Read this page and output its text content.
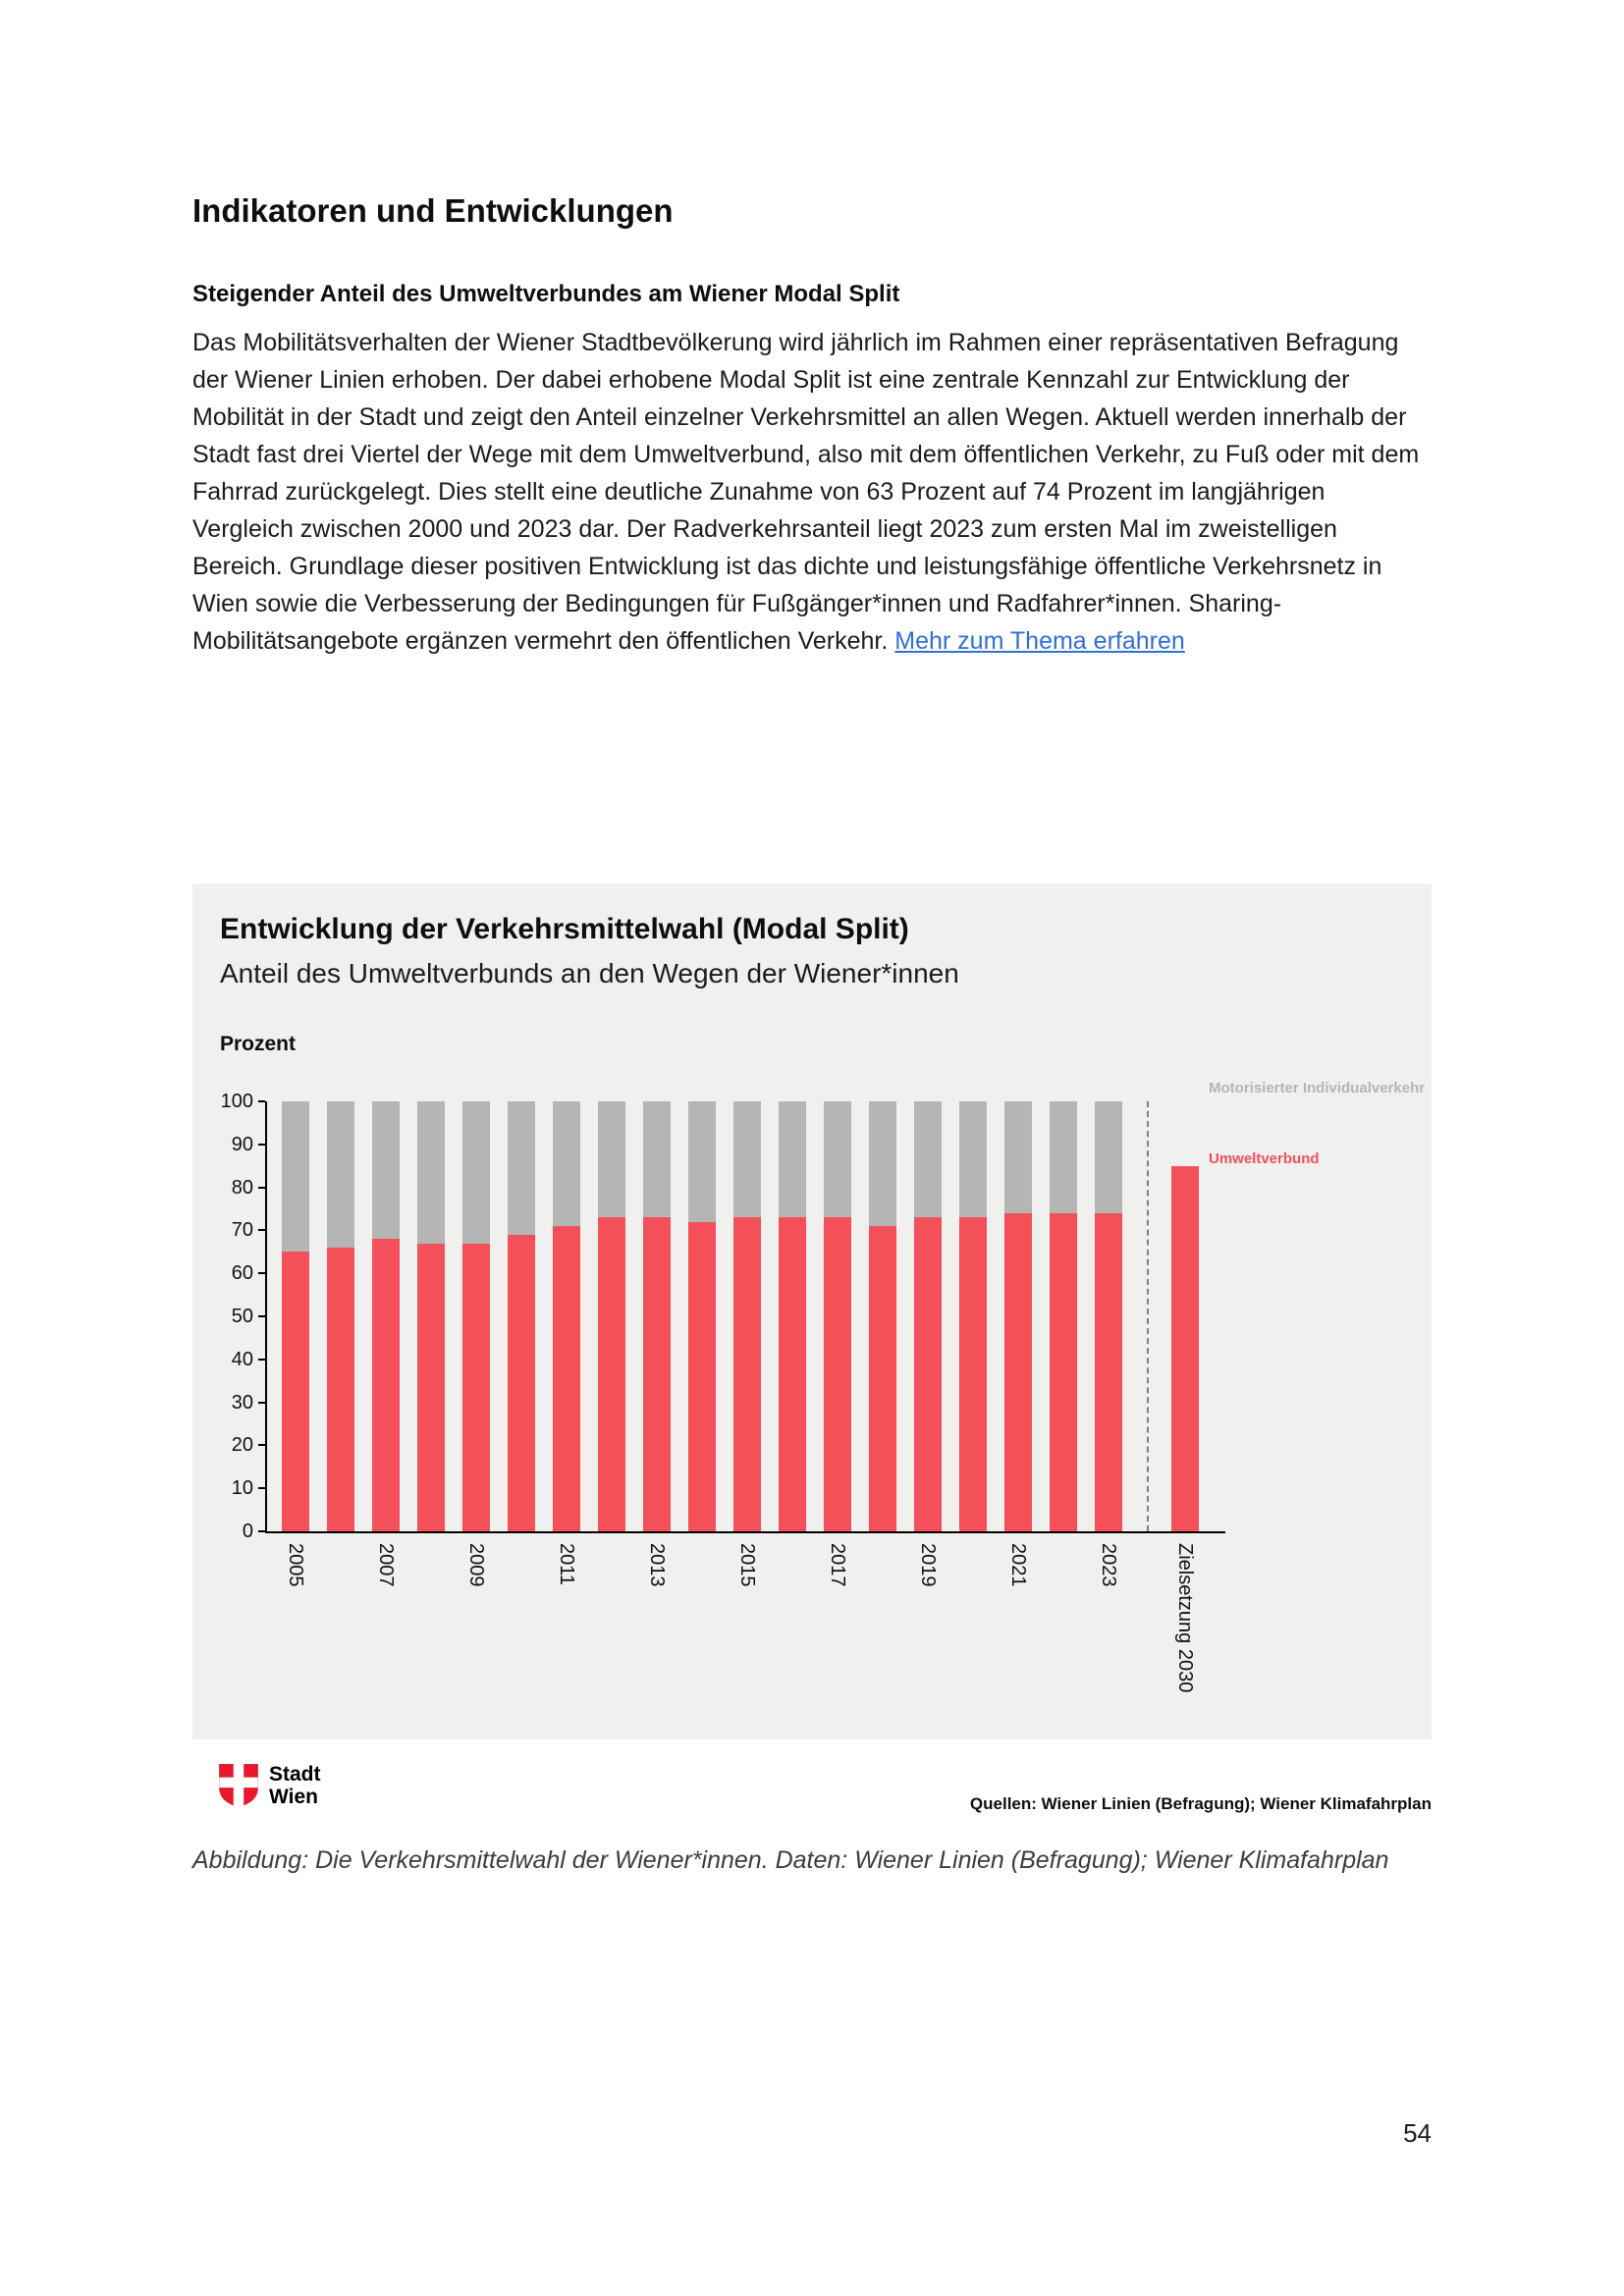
Indikatoren und Entwicklungen
Steigender Anteil des Umweltverbundes am Wiener Modal Split

Das Mobilitätsverhalten der Wiener Stadtbevölkerung wird jährlich im Rahmen einer repräsentativen Befragung der Wiener Linien erhoben. Der dabei erhobene Modal Split ist eine zentrale Kennzahl zur Entwicklung der Mobilität in der Stadt und zeigt den Anteil einzelner Verkehrsmittel an allen Wegen. Aktuell werden innerhalb der Stadt fast drei Viertel der Wege mit dem Umweltverbund, also mit dem öffentlichen Verkehr, zu Fuß oder mit dem Fahrrad zurückgelegt. Dies stellt eine deutliche Zunahme von 63 Prozent auf 74 Prozent im langjährigen Vergleich zwischen 2000 und 2023 dar. Der Radverkehrsanteil liegt 2023 zum ersten Mal im zweistelligen Bereich. Grundlage dieser positiven Entwicklung ist das dichte und leistungsfähige öffentliche Verkehrsnetz in Wien sowie die Verbesserung der Bedingungen für Fußgänger*innen und Radfahrer*innen. Sharing-Mobilitätsangebote ergänzen vermehrt den öffentlichen Verkehr. Mehr zum Thema erfahren

Entwicklung der Verkehrsmittelwahl (Modal Split)
Anteil des Umweltverbunds an den Wegen der Wiener*innen
Prozent
0
10
20
30
40
50
60
70
80
90
100
2005	2007	2009	2011	2013	2015	2017	2019	2021	2023	Zielsetzung 2030
Motorisierter Individualverkehr
Umweltverbund
Stadt
Wien	Quellen: Wiener Linien (Befragung); Wiener Klimafahrplan

Abbildung: Die Verkehrsmittelwahl der Wiener*innen. Daten: Wiener Linien (Befragung); Wiener Klimafahrplan

54
